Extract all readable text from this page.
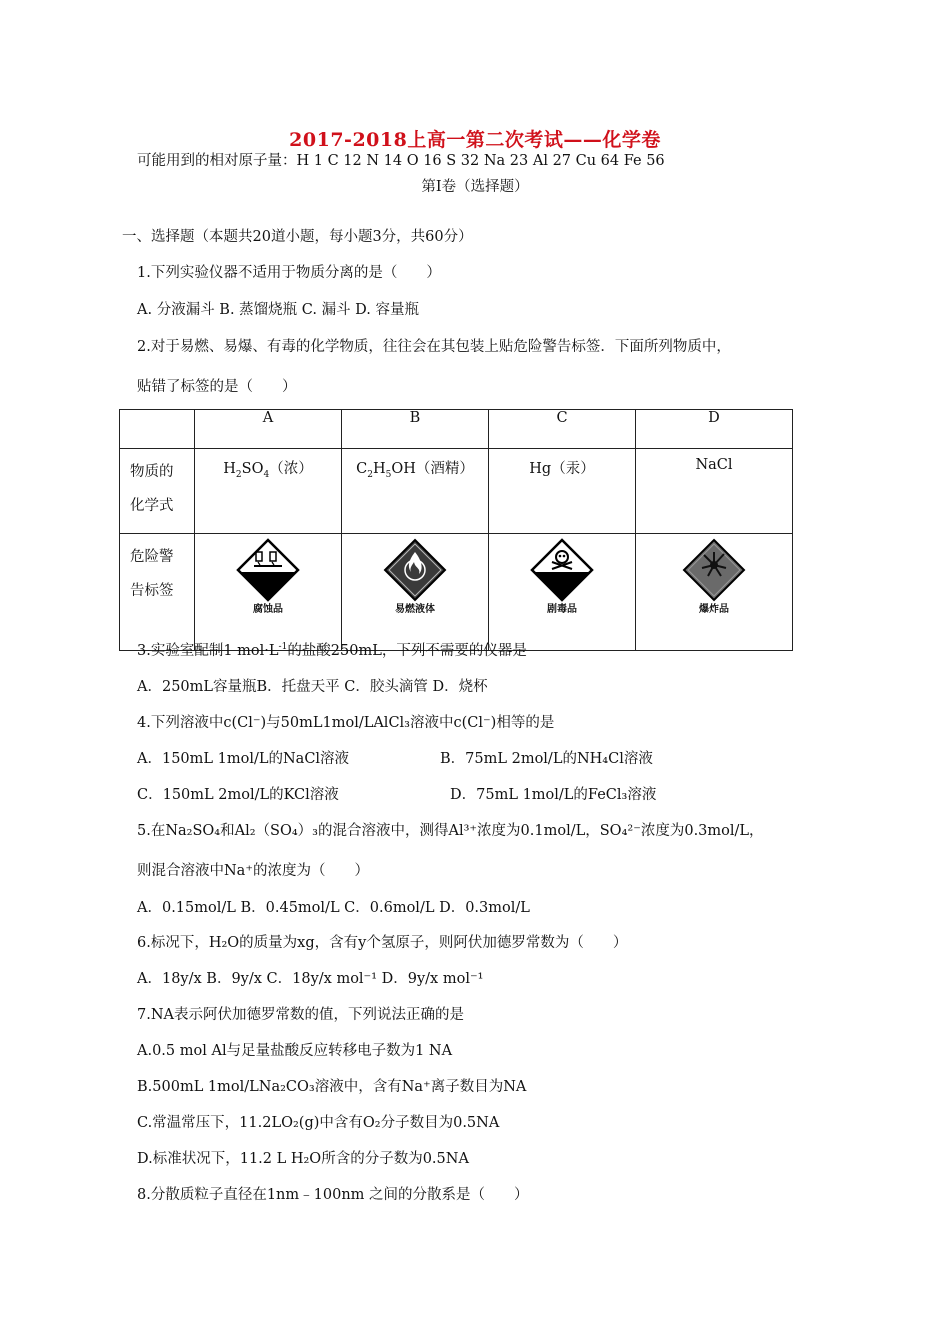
2017-2018上高一第二次考试——化学卷
可能用到的相对原子量：H 1 C 12 N 14 O 16 S 32 Na 23 Al 27 Cu 64 Fe 56
第Ⅰ卷（选择题）
一、选择题（本题共20道小题，每小题3分，共60分）
1.下列实验仪器不适用于物质分离的是（　　）
A. 分液漏斗 B. 蒸馏烧瓶 C. 漏斗 D. 容量瓶
2.对于易燃、易爆、有毒的化学物质，往往会在其包装上贴危险警告标签．下面所列物质中，
贴错了标签的是（　　）
	A	B	C	D

物质的
化学式	$H_2SO_4$（浓）	$C_2H_5OH$（酒精）	Hg（汞）	NaCl

危险警
告标签	腐蚀品	易燃液体	剧毒品	爆炸品
3.实验室配制1 $mol\cdot L^{-1}$的盐酸250mL，下列不需要的仪器是
A．250mL容量瓶B．托盘天平 C．胶头滴管 D．烧杯
4.下列溶液中c(Cl⁻)与50mL1mol/LAlCl₃溶液中c(Cl⁻)相等的是
A．150mL 1mol/L的NaCl溶液	B．75mL 2mol/L的NH₄Cl溶液
C．150mL 2mol/L的KCl溶液	D．75mL 1mol/L的FeCl₃溶液
5.在Na₂SO₄和Al₂（SO₄）₃的混合溶液中，测得Al³⁺浓度为0.1mol/L，SO₄²⁻浓度为0.3mol/L，
则混合溶液中Na⁺的浓度为（　　）
A．0.15mol/L B．0.45mol/L C．0.6mol/L D．0.3mol/L
6.标况下，H₂O的质量为xg，含有y个氢原子，则阿伏加德罗常数为（　　）
A．18y/x B．9y/x C．18y/x mol⁻¹ D．9y/x mol⁻¹
7.NA表示阿伏加德罗常数的值，下列说法正确的是
A.0.5 mol Al与足量盐酸反应转移电子数为1 NA
B.500mL 1mol/LNa₂CO₃溶液中，含有Na⁺离子数目为NA
C.常温常压下，11.2LO₂(g)中含有O₂分子数目为0.5NA
D.标准状况下，11.2 L H₂O所含的分子数为0.5NA
8.分散质粒子直径在1nm﹣100nm 之间的分散系是（　　）
